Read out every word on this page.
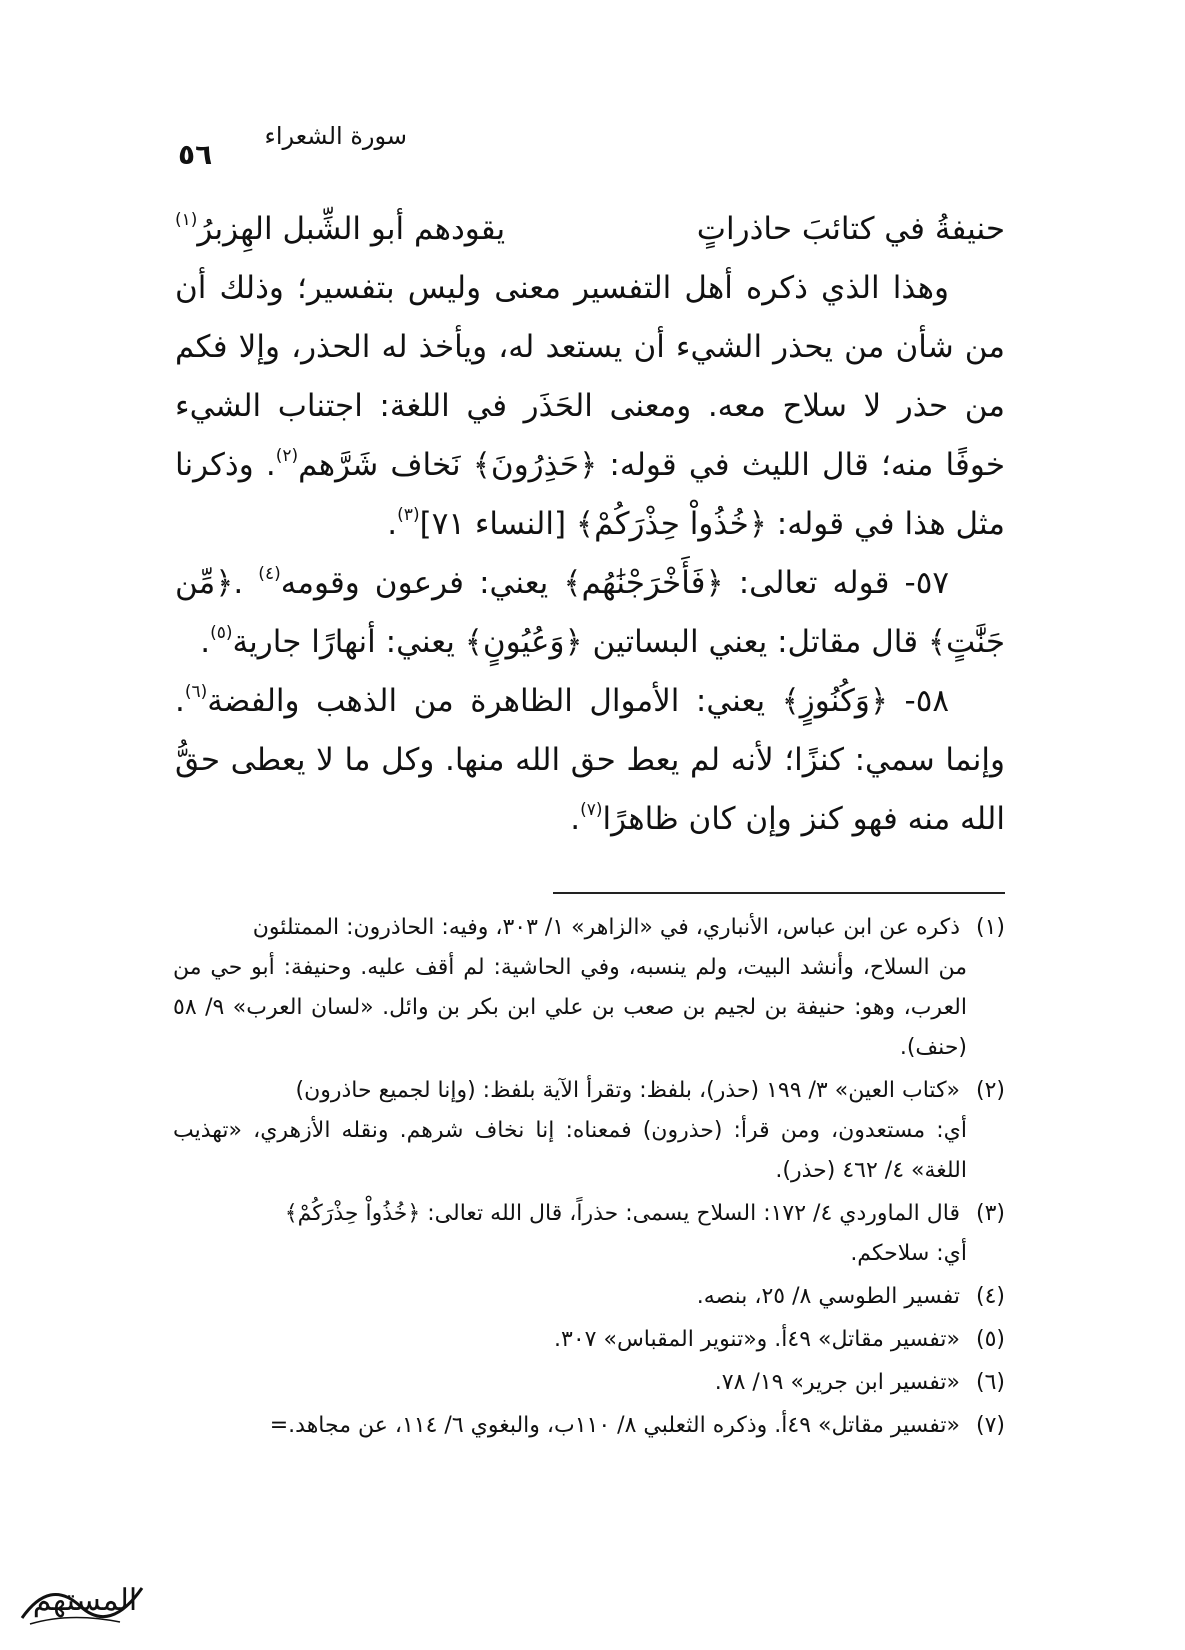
سورة الشعراء
٥٦

حنيفةُ في كتائبَ حاذراتٍ
يقودهم أبو الشِّبل الهِزبرُ$^{(١)}$

وهذا الذي ذكره أهل التفسير معنى وليس بتفسير؛ وذلك أن من شأن من يحذر الشيء أن يستعد له، ويأخذ له الحذر، وإلا فكم من حذر لا سلاح معه. ومعنى الحَذَر في اللغة: اجتناب الشيء خوفًا منه؛ قال الليث في قوله: ﴿حَذِرُونَ﴾ نَخاف شَرَّهم$^{(٢)}$. وذكرنا مثل هذا في قوله: ﴿خُذُواْ حِذْرَكُمْ﴾ [النساء ٧١]$^{(٣)}$.

٥٧- قوله تعالى: ﴿فَأَخْرَجْنَٰهُم﴾ يعني: فرعون وقومه$^{(٤)}$ .﴿مِّن جَنَّٰتٍ﴾ قال مقاتل: يعني البساتين ﴿وَعُيُونٍ﴾ يعني: أنهارًا جارية$^{(٥)}$.

٥٨- ﴿وَكُنُوزٍ﴾ يعني: الأموال الظاهرة من الذهب والفضة$^{(٦)}$. وإنما سمي: كنزًا؛ لأنه لم يعط حق الله منها. وكل ما لا يعطى حقُّ الله منه فهو كنز وإن كان ظاهرًا$^{(٧)}$.

(١) ذكره عن ابن عباس، الأنباري، في «الزاهر» ١/ ٣٠٣، وفيه: الحاذرون: الممتلئون
من السلاح، وأنشد البيت، ولم ينسبه، وفي الحاشية: لم أقف عليه. وحنيفة: أبو حي من العرب، وهو: حنيفة بن لجيم بن صعب بن علي ابن بكر بن وائل. «لسان العرب» ٩/ ٥٨ (حنف).
(٢) «كتاب العين» ٣/ ١٩٩ (حذر)، بلفظ: وتقرأ الآية بلفظ: (وإنا لجميع حاذرون)
أي: مستعدون، ومن قرأ: (حذرون) فمعناه: إنا نخاف شرهم. ونقله الأزهري، «تهذيب اللغة» ٤/ ٤٦٢ (حذر).
(٣) قال الماوردي ٤/ ١٧٢: السلاح يسمى: حذراً، قال الله تعالى: ﴿خُذُواْ حِذْرَكُمْ﴾
أي: سلاحكم.
(٤) تفسير الطوسي ٨/ ٢٥، بنصه.
(٥) «تفسير مقاتل» ٤٩أ. و«تنوير المقباس» ٣٠٧.
(٦) «تفسير ابن جرير» ١٩/ ٧٨.
(٧) «تفسير مقاتل» ٤٩أ. وذكره الثعلبي ٨/ ١١٠ب، والبغوي ٦/ ١١٤، عن مجاهد.=
المستهم
